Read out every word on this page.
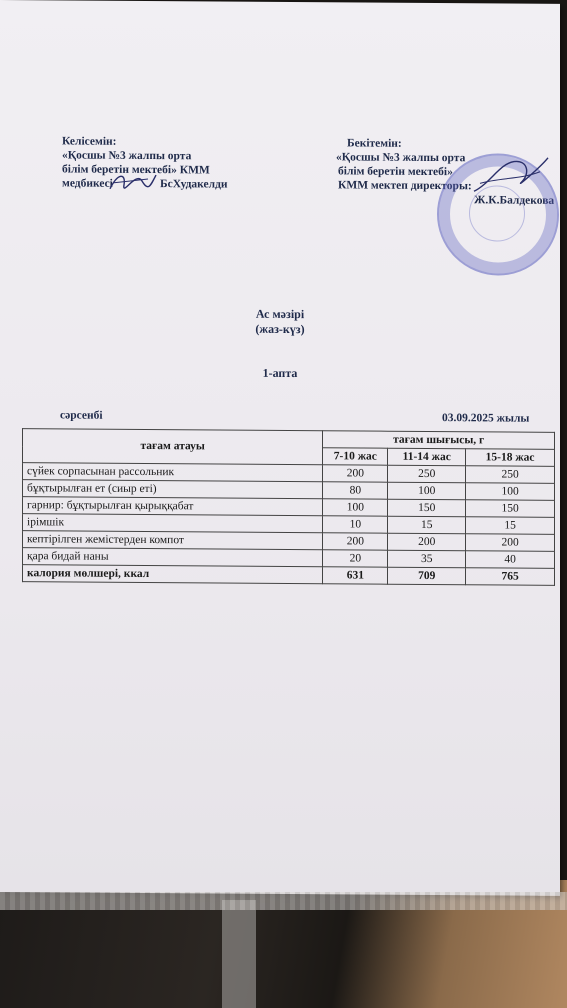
Келісемін:
«Қосшы №3 жалпы орта
білім беретін мектебі» КММ
медбикесі	БсХудакелди
Бекітемін:
«Қосшы №3 жалпы орта
білім беретін мектебі»
КММ мектеп директоры:
Ж.К.Балдекова
Ас мәзірі
(жаз-күз)
1-апта
сәрсенбі	03.09.2025 жылы
тағам атауы	тағам шығысы, г		
	7-10 жас	11-14 жас	15-18 жас
сүйек сорпасынан рассольник	200	250	250
бұқтырылған ет (сиыр еті)	80	100	100
гарнир: бұқтырылған қырыққабат	100	150	150
ірімшік	10	15	15
кептірілген жемістерден компот	200	200	200
қара бидай наны	20	35	40
калория мөлшері, ккал	631	709	765
